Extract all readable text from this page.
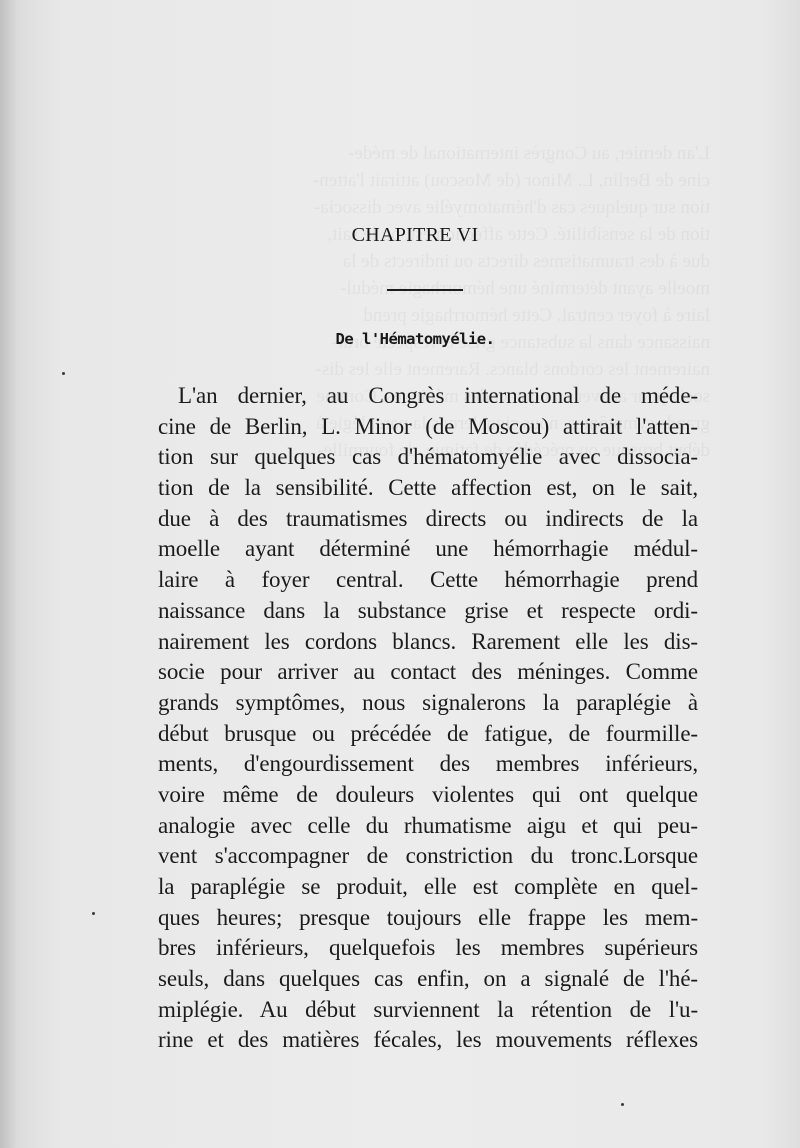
CHAPITRE VI
De l'Hématomyélie.
L'an dernier, au Congrès international de méde-
cine de Berlin, L. Minor (de Moscou) attirait l'atten-
tion sur quelques cas d'hématomyélie avec dissocia-
tion de la sensibilité. Cette affection est, on le sait,
due à des traumatismes directs ou indirects de la
moelle ayant déterminé une hémorrhagie médul-
laire à foyer central. Cette hémorrhagie prend
naissance dans la substance grise et respecte ordi-
nairement les cordons blancs. Rarement elle les dis-
socie pour arriver au contact des méninges. Comme
grands symptômes, nous signalerons la paraplégie à
début brusque ou précédée de fatigue, de fourmille-
ments, d'engourdissement des membres inférieurs,
voire même de douleurs violentes qui ont quelque
analogie avec celle du rhumatisme aigu et qui peu-
vent s'accompagner de constriction du tronc.Lorsque
la paraplégie se produit, elle est complète en quel-
ques heures; presque toujours elle frappe les mem-
bres inférieurs, quelquefois les membres supérieurs
seuls, dans quelques cas enfin, on a signalé de l'hé-
miplégie. Au début surviennent la rétention de l'u-
rine et des matières fécales, les mouvements réflexes
